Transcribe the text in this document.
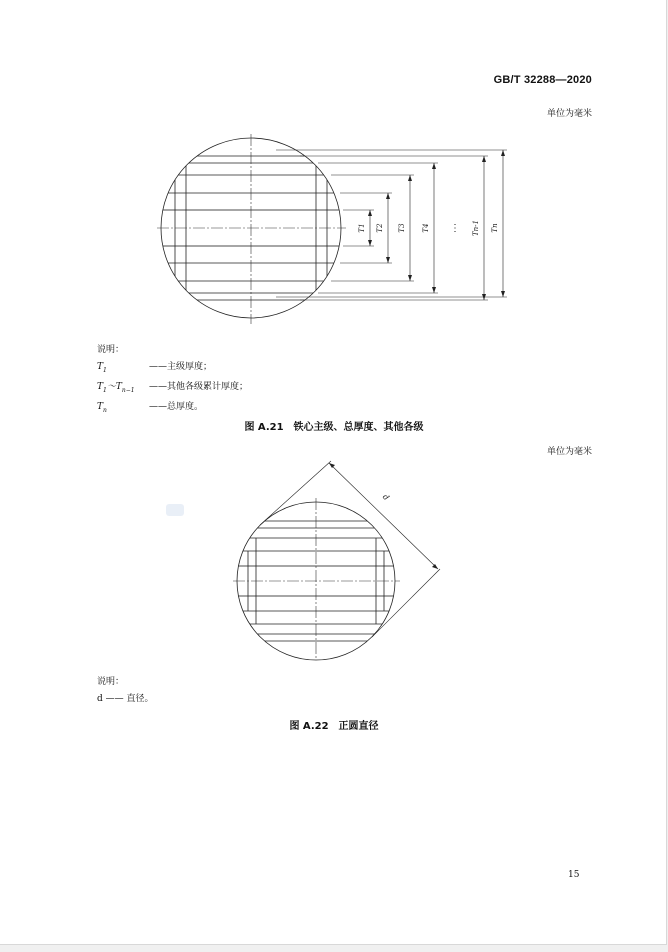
GB/T 32288—2020
单位为毫米
T1 T2 T3 T4 ⋮ Tn-1 Tn
说明：
$T_1$	——主级厚度；
$T_1\sim T_{n-1}$	——其他各级累计厚度；
$T_n$	——总厚度。
图 A.21　铁心主级、总厚度、其他各级
单位为毫米
d
说明：
d —— 直径。
图 A.22　正圆直径
15
